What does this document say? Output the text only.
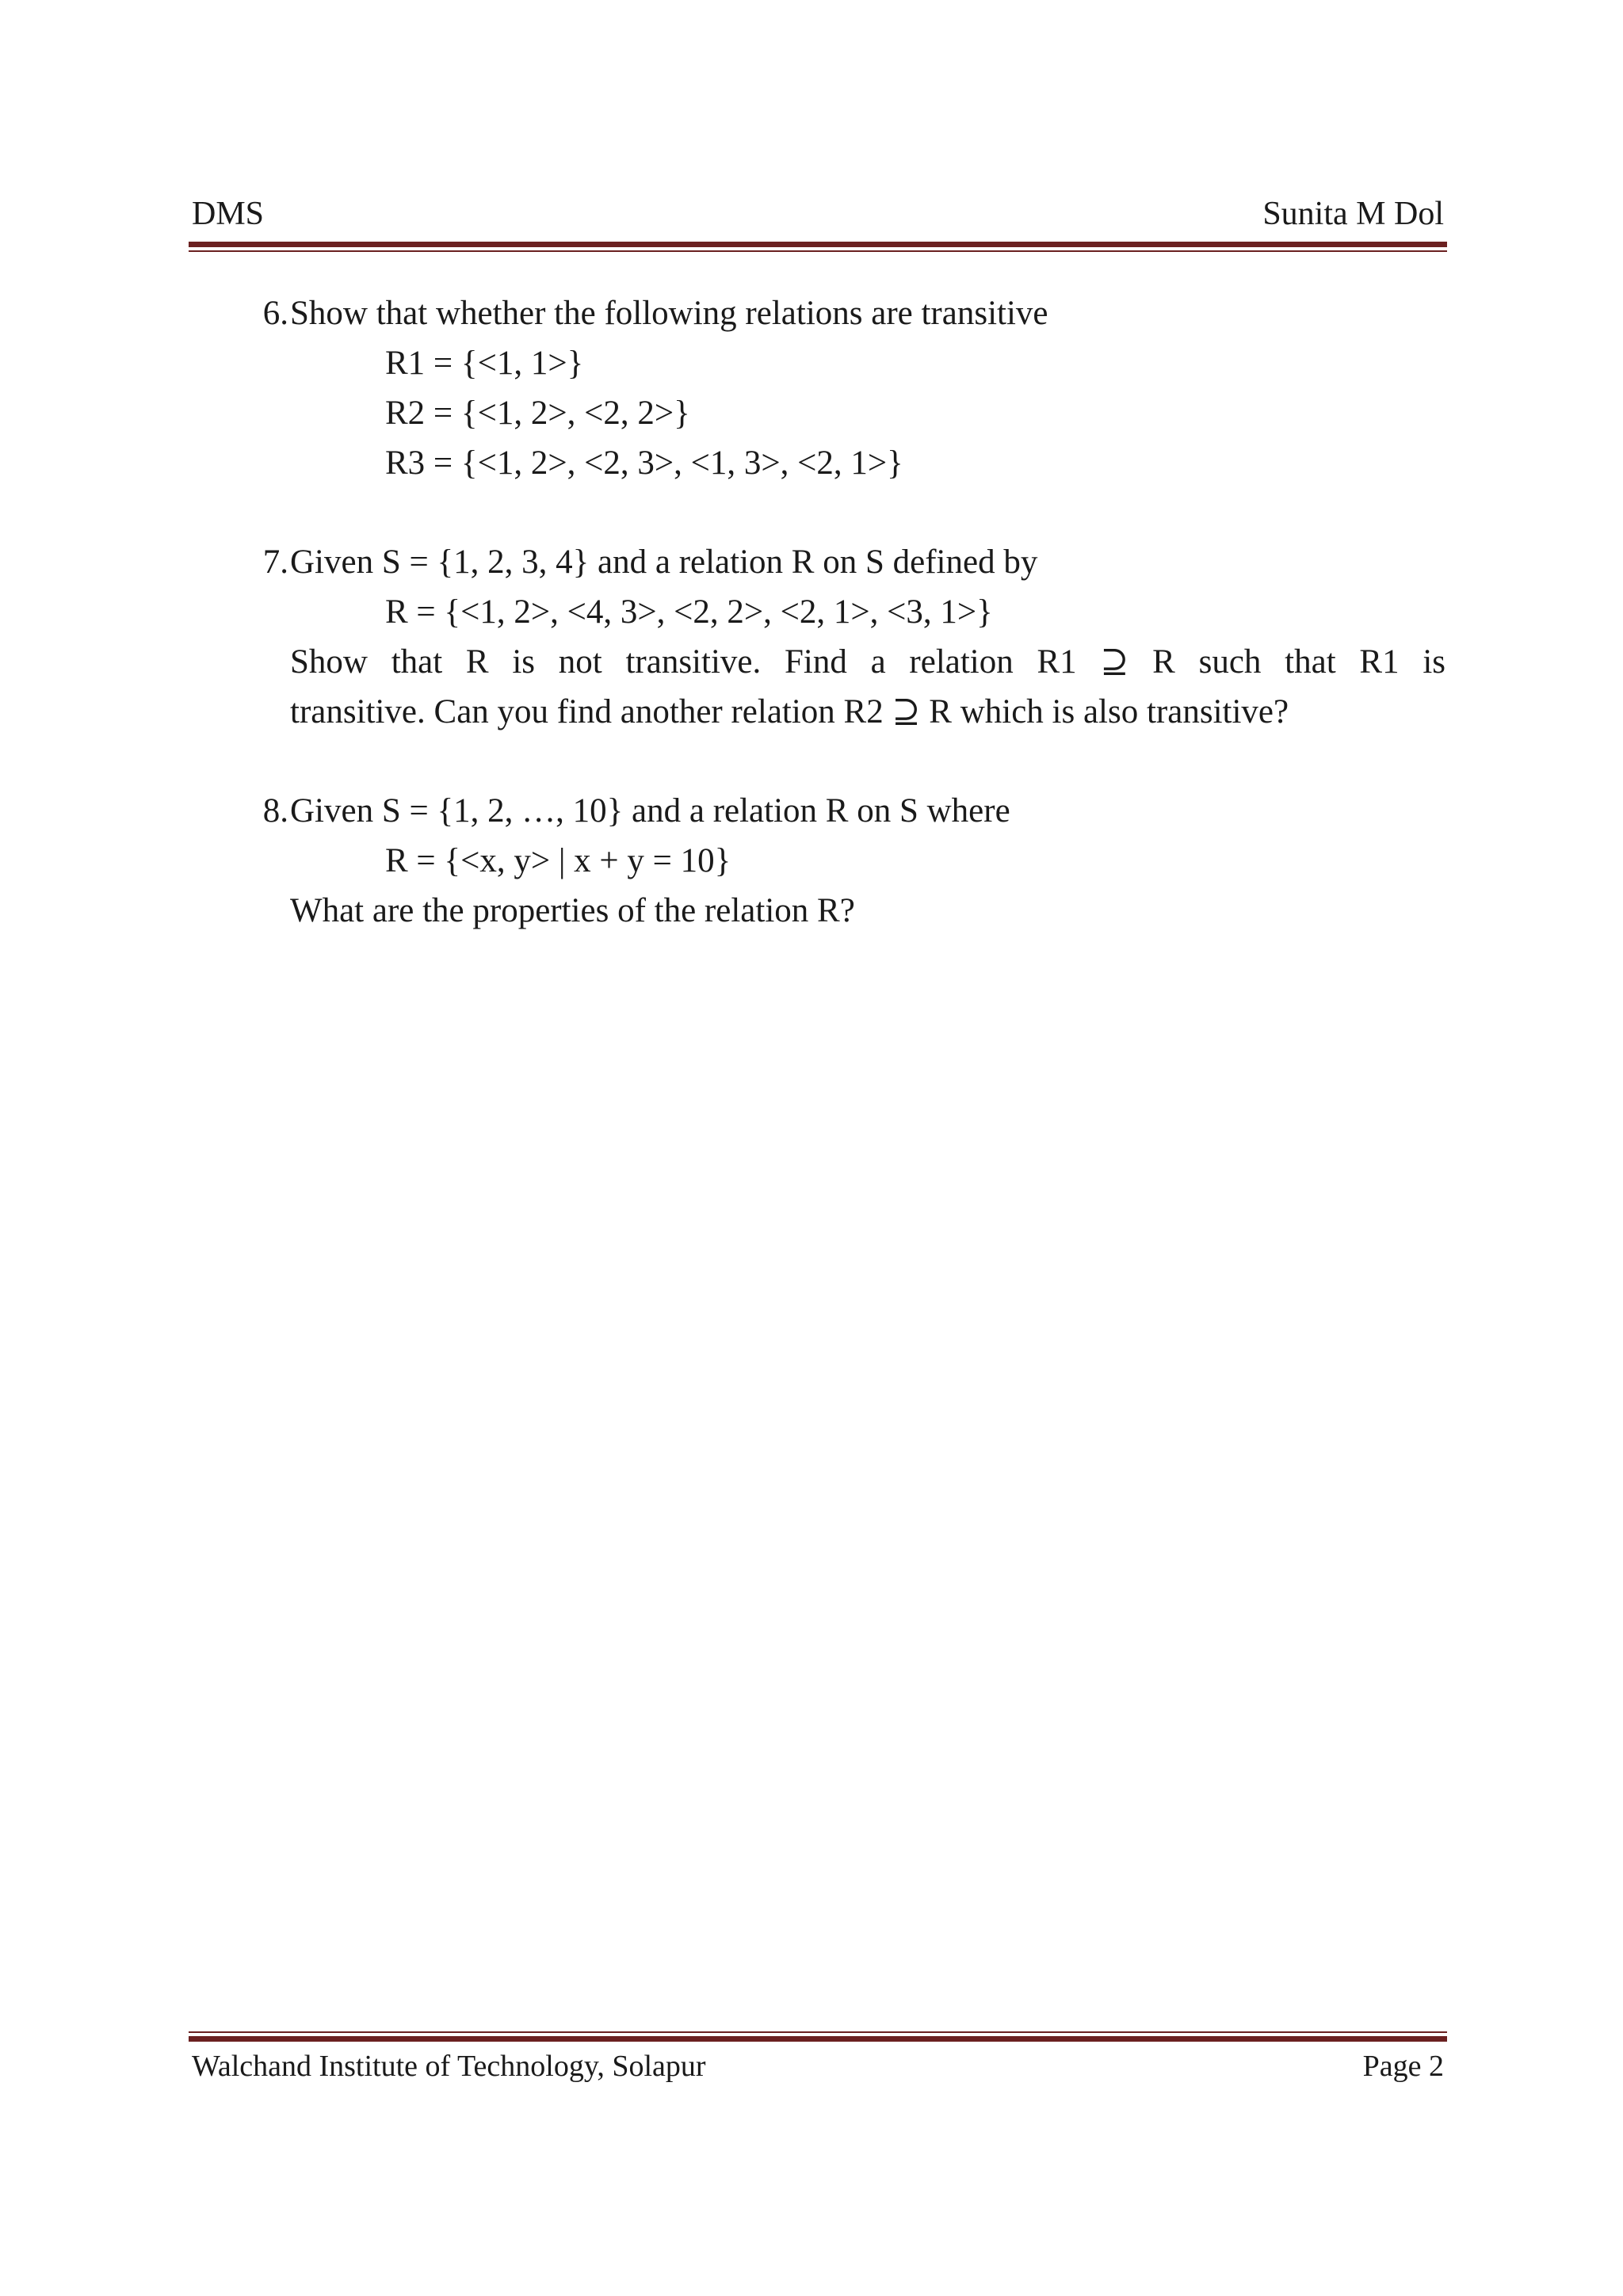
DMS	Sunita M Dol
6. Show that whether the following relations are transitive
R1 = {<1, 1>}
R2 = {<1, 2>, <2, 2>}
R3 = {<1, 2>, <2, 3>, <1, 3>, <2, 1>}
7. Given S = {1, 2, 3, 4} and a relation R on S defined by
R = {<1, 2>, <4, 3>, <2, 2>, <2, 1>, <3, 1>}
Show that R is not transitive. Find a relation R1 ⊇ R such that R1 is
transitive. Can you find another relation R2 ⊇ R which is also transitive?
8. Given S = {1, 2, …, 10} and a relation R on S where
R = {<x, y> | x + y = 10}
What are the properties of the relation R?
Walchand Institute of Technology, Solapur	Page 2
